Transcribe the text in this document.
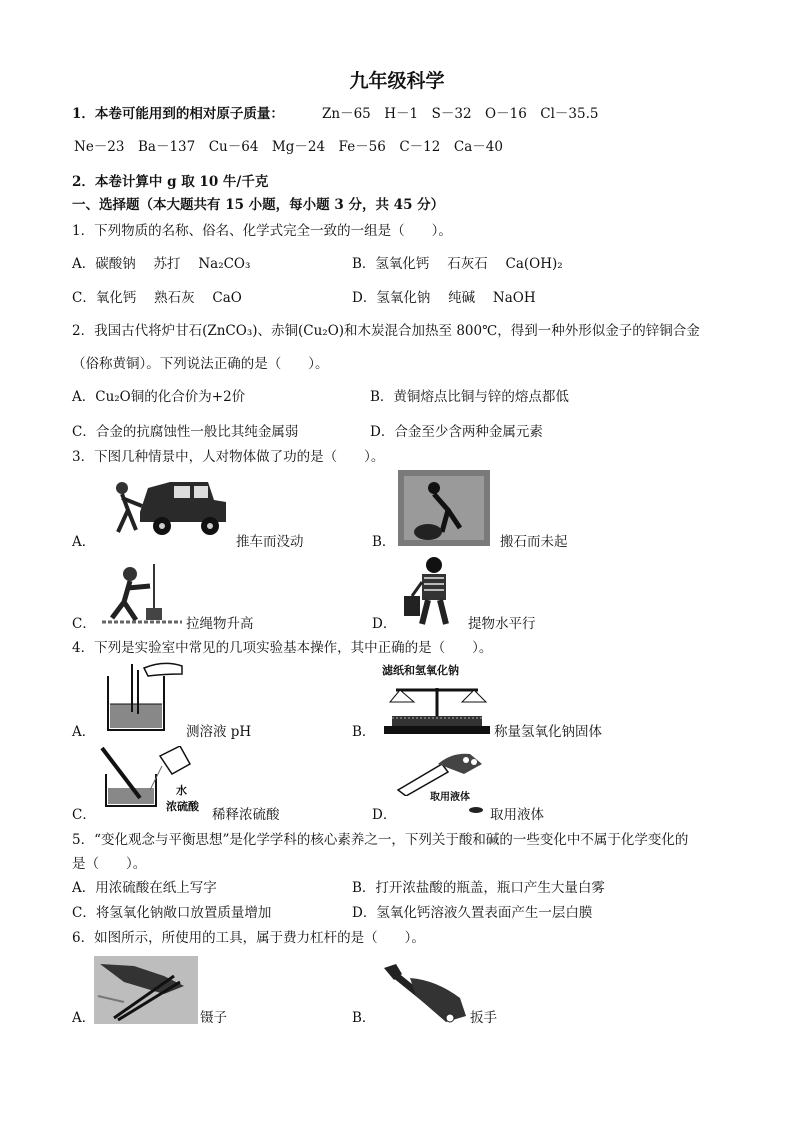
九年级科学
1．本卷可能用到的相对原子质量：	Zn－65　H－1　S－32　O－16　Cl－35.5
Ne－23　Ba－137　Cu－64　Mg－24　Fe－56　C－12　Ca－40
2．本卷计算中 g 取 10 牛/千克
一、选择题（本大题共有 15 小题，每小题 3 分，共 45 分）
1．下列物质的名称、俗名、化学式完全一致的一组是（　　）。
A．碳酸钠　 苏打　 Na₂CO₃	B．氢氧化钙　 石灰石　 Ca(OH)₂
C．氧化钙　 熟石灰　 CaO	D．氢氧化钠　 纯碱　 NaOH
2．我国古代将炉甘石(ZnCO₃)、赤铜(Cu₂O)和木炭混合加热至 800℃，得到一种外形似金子的锌铜合金
（俗称黄铜）。下列说法正确的是（　　）。
A．Cu₂O铜的化合价为+2价	B．黄铜熔点比铜与锌的熔点都低
C．合金的抗腐蚀性一般比其纯金属弱	D．合金至少含两种金属元素
3．下图几种情景中，人对物体做了功的是（　　）。
A．	推车而没动	B．	搬石而未起
C．	拉绳物升高	D．	提物水平行
4．下列是实验室中常见的几项实验基本操作，其中正确的是（　　）。
A．	测溶液 pH
滤纸和氢氧化钠
B．	称量氢氧化钠固体
水
浓硫酸
C．	稀释浓硫酸
取用液体
D．	取用液体
5．“变化观念与平衡思想”是化学学科的核心素养之一，下列关于酸和碱的一些变化中不属于化学变化的
是（　　）。
A．用浓硫酸在纸上写字	B．打开浓盐酸的瓶盖，瓶口产生大量白雾
C．将氢氧化钠敞口放置质量增加	D．氢氧化钙溶液久置表面产生一层白膜
6．如图所示，所使用的工具，属于费力杠杆的是（　　）。
A．	镊子	B．	扳手
